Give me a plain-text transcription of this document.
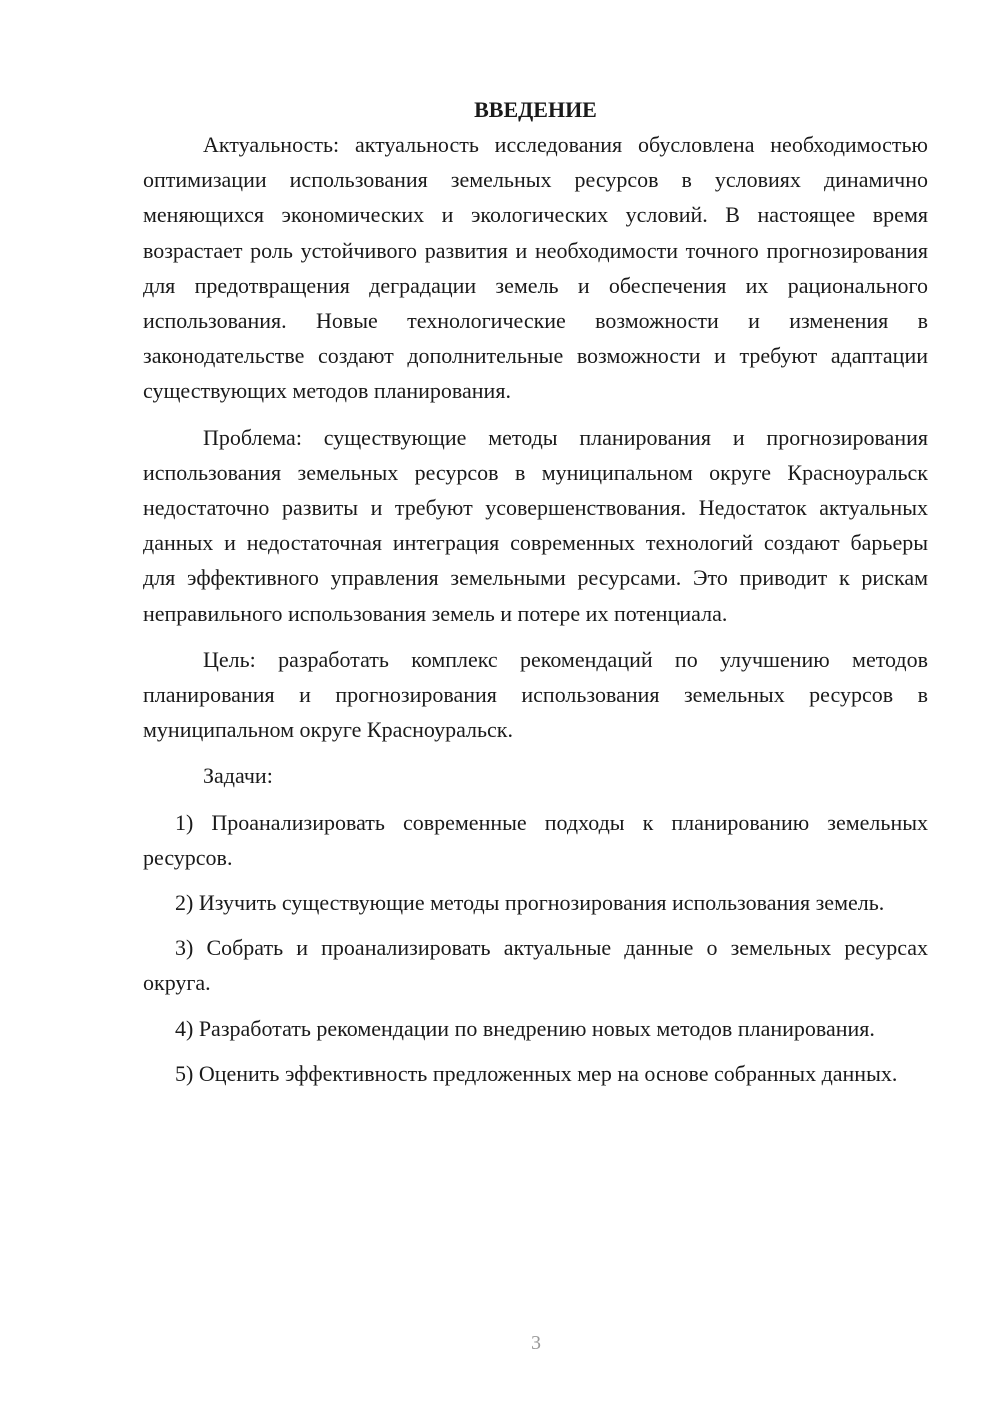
ВВЕДЕНИЕ

Актуальность: актуальность исследования обусловлена необходимостью оптимизации использования земельных ресурсов в условиях динамично меняющихся экономических и экологических условий. В настоящее время возрастает роль устойчивого развития и необходимости точного прогнозирования для предотвращения деградации земель и обеспечения их рационального использования. Новые технологические возможности и изменения в законодательстве создают дополнительные возможности и требуют адаптации существующих методов планирования.

Проблема: существующие методы планирования и прогнозирования использования земельных ресурсов в муниципальном округе Красноуральск недостаточно развиты и требуют усовершенствования. Недостаток актуальных данных и недостаточная интеграция современных технологий создают барьеры для эффективного управления земельными ресурсами. Это приводит к рискам неправильного использования земель и потере их потенциала.

Цель: разработать комплекс рекомендаций по улучшению методов планирования и прогнозирования использования земельных ресурсов в муниципальном округе Красноуральск.

Задачи:

1) Проанализировать современные подходы к планированию земельных ресурсов.

2) Изучить существующие методы прогнозирования использования земель.

3) Собрать и проанализировать актуальные данные о земельных ресурсах округа.

4) Разработать рекомендации по внедрению новых методов планирования.

5) Оценить эффективность предложенных мер на основе собранных данных.

3
